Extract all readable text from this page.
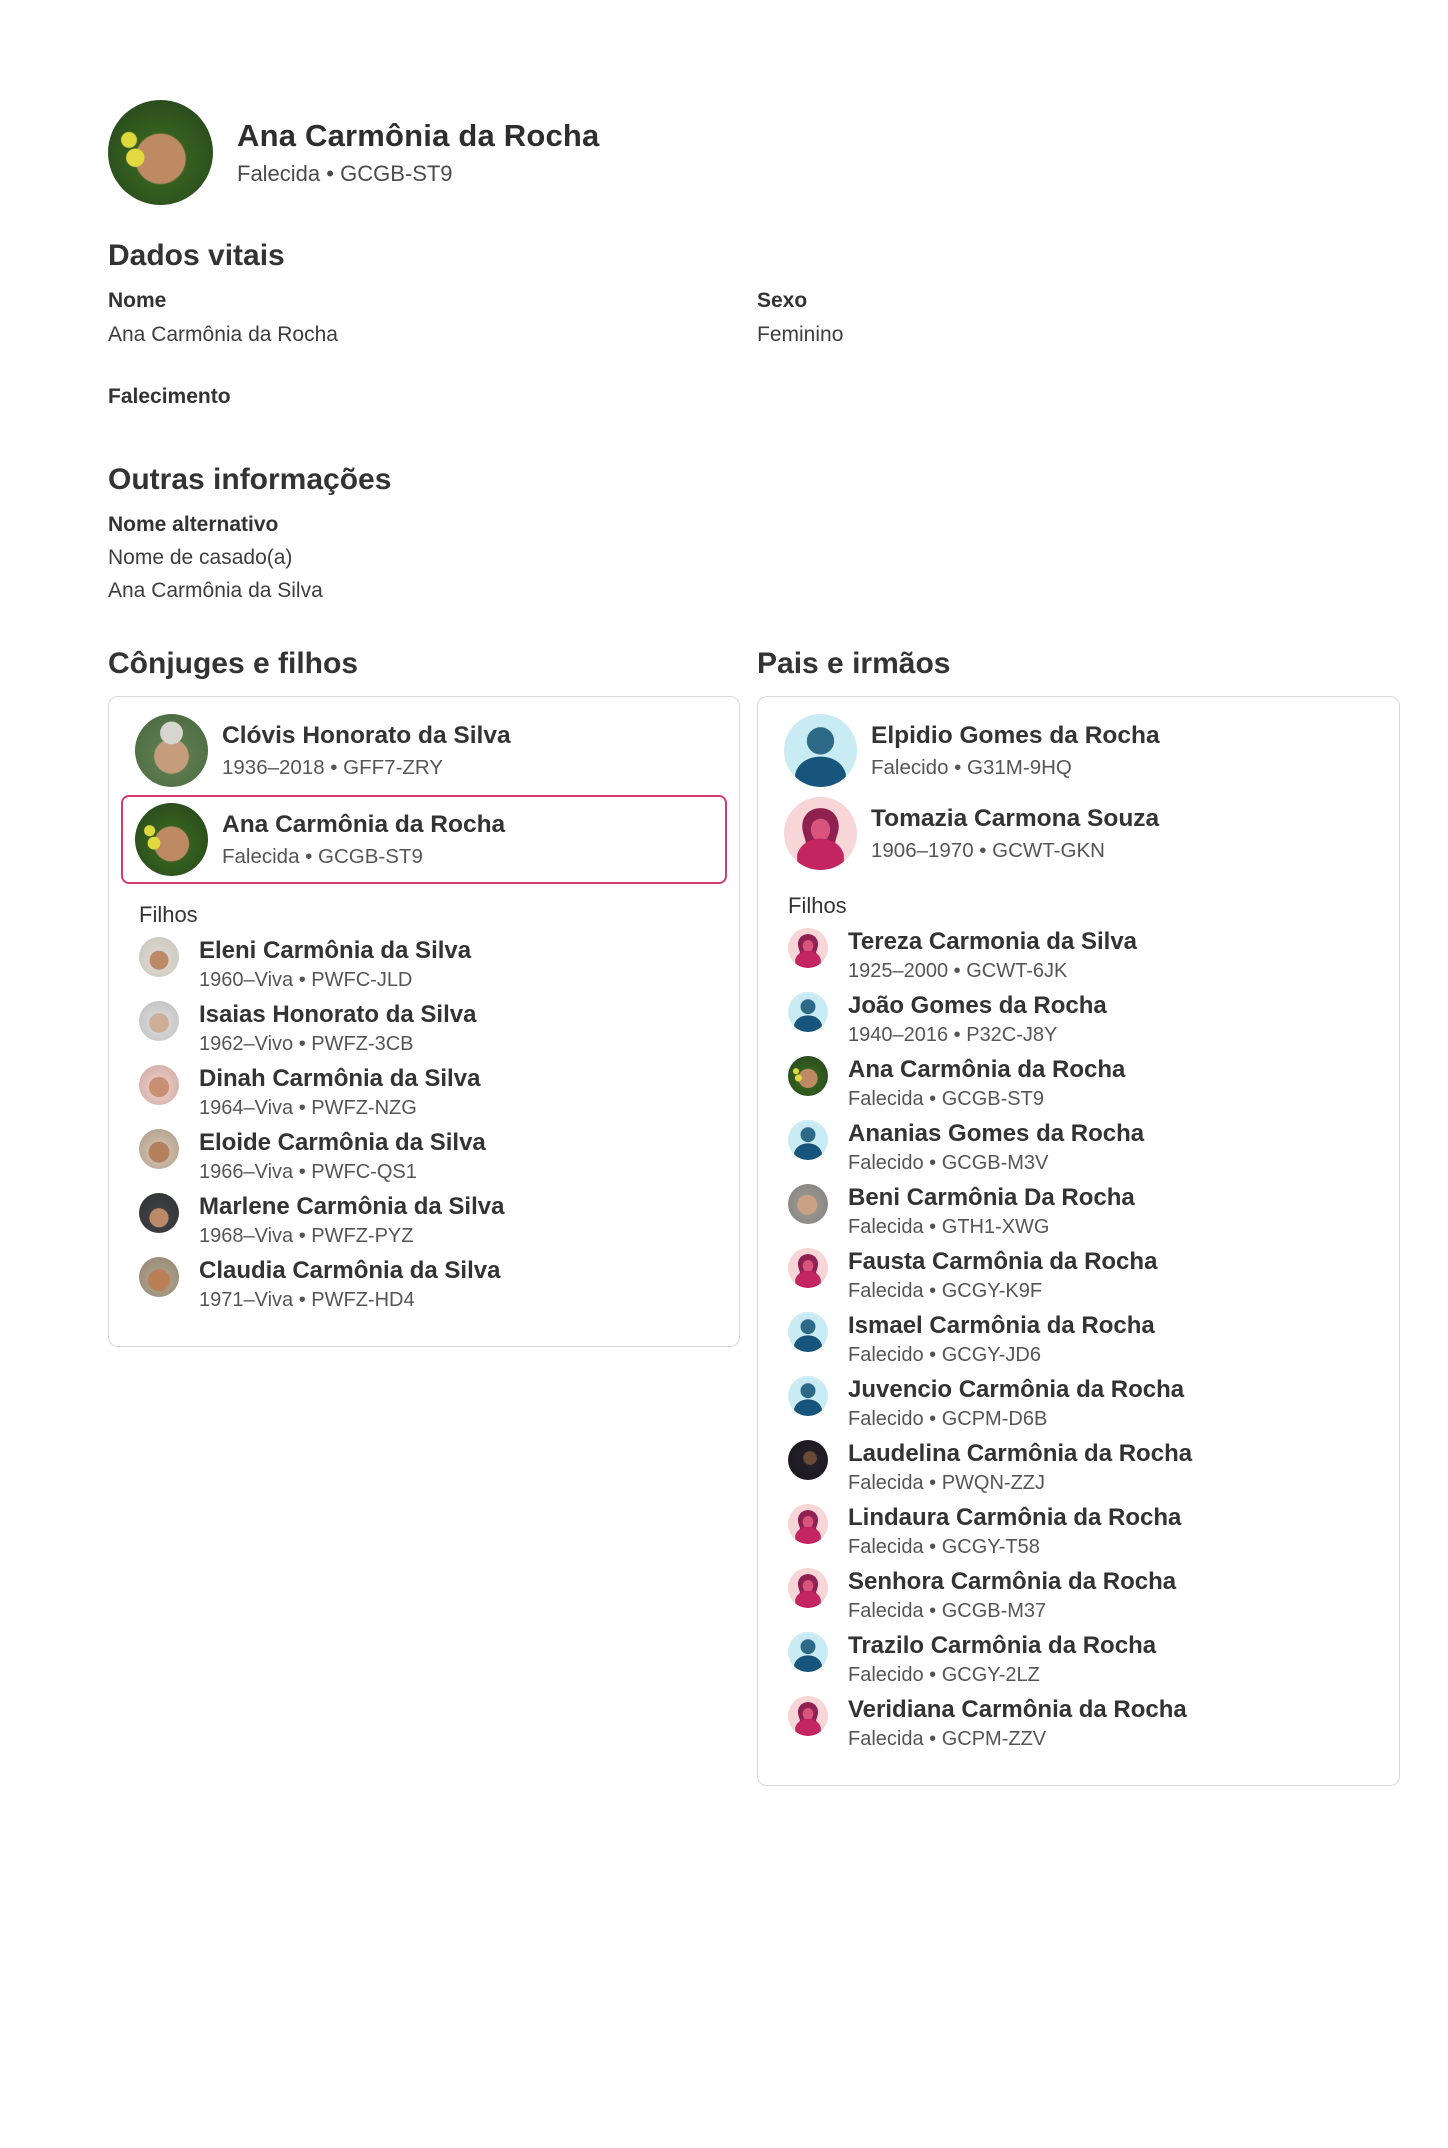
Ana Carmônia da Rocha
Falecida • GCGB-ST9
Dados vitais
Nome
Ana Carmônia da Rocha
Sexo
Feminino
Falecimento
Outras informações
Nome alternativo
Nome de casado(a)
Ana Carmônia da Silva
Cônjuges e filhos
Clóvis Honorato da Silva
1936–2018 • GFF7-ZRY
Ana Carmônia da Rocha
Falecida • GCGB-ST9
Filhos
Eleni Carmônia da Silva
1960–Viva • PWFC-JLD
Isaias Honorato da Silva
1962–Vivo • PWFZ-3CB
Dinah Carmônia da Silva
1964–Viva • PWFZ-NZG
Eloide Carmônia da Silva
1966–Viva • PWFC-QS1
Marlene Carmônia da Silva
1968–Viva • PWFZ-PYZ
Claudia Carmônia da Silva
1971–Viva • PWFZ-HD4
Pais e irmãos
Elpidio Gomes da Rocha
Falecido • G31M-9HQ
Tomazia Carmona Souza
1906–1970 • GCWT-GKN
Filhos
Tereza Carmonia da Silva
1925–2000 • GCWT-6JK
João Gomes da Rocha
1940–2016 • P32C-J8Y
Ana Carmônia da Rocha
Falecida • GCGB-ST9
Ananias Gomes da Rocha
Falecido • GCGB-M3V
Beni Carmônia Da Rocha
Falecida • GTH1-XWG
Fausta Carmônia da Rocha
Falecida • GCGY-K9F
Ismael Carmônia da Rocha
Falecido • GCGY-JD6
Juvencio Carmônia da Rocha
Falecido • GCPM-D6B
Laudelina Carmônia da Rocha
Falecida • PWQN-ZZJ
Lindaura Carmônia da Rocha
Falecida • GCGY-T58
Senhora Carmônia da Rocha
Falecida • GCGB-M37
Trazilo Carmônia da Rocha
Falecido • GCGY-2LZ
Veridiana Carmônia da Rocha
Falecida • GCPM-ZZV
